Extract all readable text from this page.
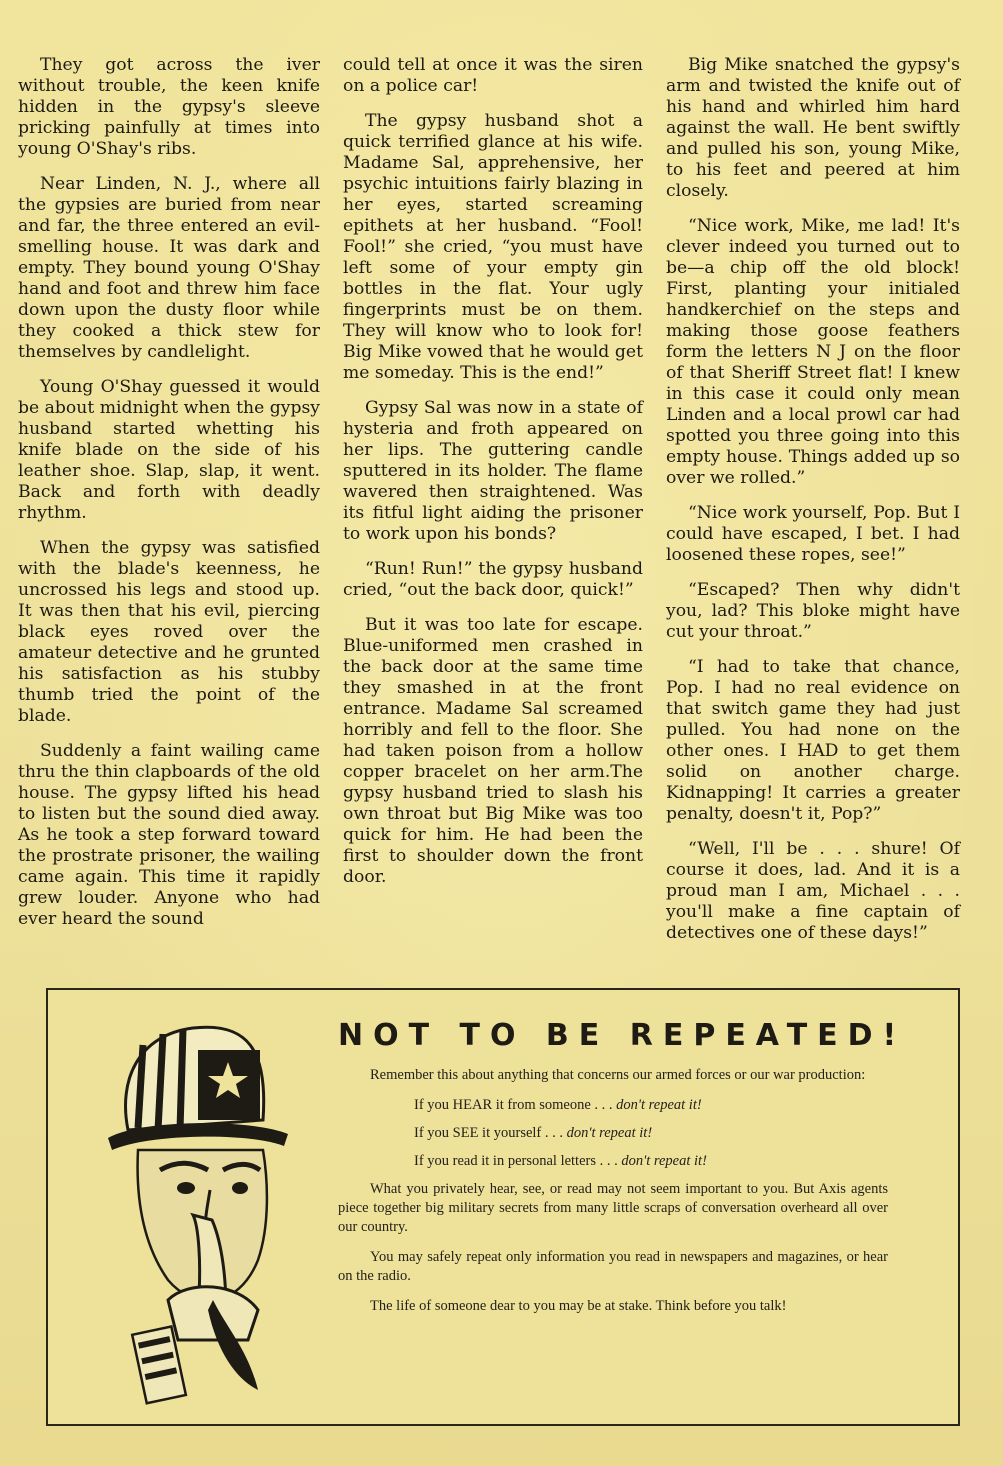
They got across the iver without trouble, the keen knife hidden in the gypsy's sleeve pricking painfully at times into young O'Shay's ribs.

Near Linden, N. J., where all the gypsies are buried from near and far, the three entered an evil-smelling house. It was dark and empty. They bound young O'Shay hand and foot and threw him face down upon the dusty floor while they cooked a thick stew for themselves by candlelight.

Young O'Shay guessed it would be about midnight when the gypsy husband started whetting his knife blade on the side of his leather shoe. Slap, slap, it went. Back and forth with deadly rhythm.

When the gypsy was satisfied with the blade's keenness, he uncrossed his legs and stood up. It was then that his evil, piercing black eyes roved over the amateur detective and he grunted his satisfaction as his stubby thumb tried the point of the blade.

Suddenly a faint wailing came thru the thin clapboards of the old house. The gypsy lifted his head to listen but the sound died away. As he took a step forward toward the prostrate prisoner, the wailing came again. This time it rapidly grew louder. Anyone who had ever heard the sound

could tell at once it was the siren on a police car!

The gypsy husband shot a quick terrified glance at his wife. Madame Sal, apprehensive, her psychic intuitions fairly blazing in her eyes, started screaming epithets at her husband. “Fool! Fool!” she cried, “you must have left some of your empty gin bottles in the flat. Your ugly fingerprints must be on them. They will know who to look for! Big Mike vowed that he would get me someday. This is the end!”

Gypsy Sal was now in a state of hysteria and froth appeared on her lips. The guttering candle sputtered in its holder. The flame wavered then straightened. Was its fitful light aiding the prisoner to work upon his bonds?

“Run! Run!” the gypsy husband cried, “out the back door, quick!”

But it was too late for escape. Blue-uniformed men crashed in the back door at the same time they smashed in at the front entrance. Madame Sal screamed horribly and fell to the floor. She had taken poison from a hollow copper bracelet on her arm.The gypsy husband tried to slash his own throat but Big Mike was too quick for him. He had been the first to shoulder down the front door.

Big Mike snatched the gypsy's arm and twisted the knife out of his hand and whirled him hard against the wall. He bent swiftly and pulled his son, young Mike, to his feet and peered at him closely.

“Nice work, Mike, me lad! It's clever indeed you turned out to be—a chip off the old block! First, planting your initialed handkerchief on the steps and making those goose feathers form the letters N J on the floor of that Sheriff Street flat! I knew in this case it could only mean Linden and a local prowl car had spotted you three going into this empty house. Things added up so over we rolled.”

“Nice work yourself, Pop. But I could have escaped, I bet. I had loosened these ropes, see!”

“Escaped? Then why didn't you, lad? This bloke might have cut your throat.”

“I had to take that chance, Pop. I had no real evidence on that switch game they had just pulled. You had none on the other ones. I HAD to get them solid on another charge. Kidnapping! It carries a greater penalty, doesn't it, Pop?”

“Well, I'll be . . . shure! Of course it does, lad. And it is a proud man I am, Michael . . . you'll make a fine captain of detectives one of these days!”

NOT TO BE REPEATED!

Remember this about anything that concerns our armed forces or our war production:

If you HEAR it from someone . . . don't repeat it!

If you SEE it yourself . . . don't repeat it!

If you read it in personal letters . . . don't repeat it!

What you privately hear, see, or read may not seem important to you. But Axis agents piece together big military secrets from many little scraps of conversation overheard all over our country.

You may safely repeat only information you read in newspapers and magazines, or hear on the radio.

The life of someone dear to you may be at stake. Think before you talk!
